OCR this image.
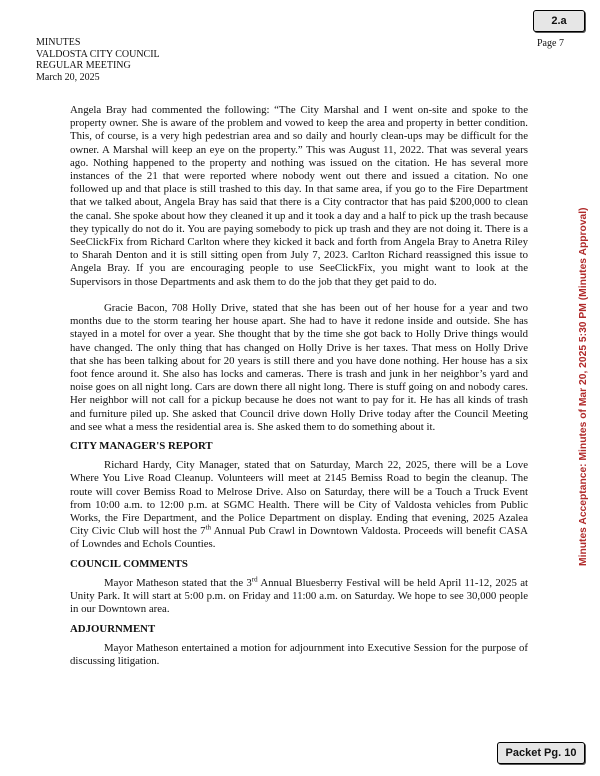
2.a
MINUTES
VALDOSTA CITY COUNCIL
REGULAR MEETING
March 20, 2025
Page 7

Angela Bray had commented the following: “The City Marshal and I went on-site and spoke to the property owner. She is aware of the problem and vowed to keep the area and property in better condition. This, of course, is a very high pedestrian area and so daily and hourly clean-ups may be difficult for the owner. A Marshal will keep an eye on the property.” This was August 11, 2022. That was several years ago. Nothing happened to the property and nothing was issued on the citation. He has several more instances of the 21 that were reported where nobody went out there and issued a citation. No one followed up and that place is still trashed to this day. In that same area, if you go to the Fire Department that we talked about, Angela Bray has said that there is a City contractor that has paid $200,000 to clean the canal. She spoke about how they cleaned it up and it took a day and a half to pick up the trash because they typically do not do it. You are paying somebody to pick up trash and they are not doing it. There is a SeeClickFix from Richard Carlton where they kicked it back and forth from Angela Bray to Anetra Riley to Sharah Denton and it is still sitting open from July 7, 2023. Carlton Richard reassigned this issue to Angela Bray. If you are encouraging people to use SeeClickFix, you might want to look at the Supervisors in those Departments and ask them to do the job that they get paid to do.

Gracie Bacon, 708 Holly Drive, stated that she has been out of her house for a year and two months due to the storm tearing her house apart. She had to have it redone inside and outside. She has stayed in a motel for over a year. She thought that by the time she got back to Holly Drive things would have changed. The only thing that has changed on Holly Drive is her taxes. That mess on Holly Drive that she has been talking about for 20 years is still there and you have done nothing. Her house has a six foot fence around it. She also has locks and cameras. There is trash and junk in her neighbor’s yard and noise goes on all night long. Cars are down there all night long. There is stuff going on and nobody cares. Her neighbor will not call for a pickup because he does not want to pay for it. He has all kinds of trash and furniture piled up. She asked that Council drive down Holly Drive today after the Council Meeting and see what a mess the residential area is. She asked them to do something about it.

CITY MANAGER'S REPORT

Richard Hardy, City Manager, stated that on Saturday, March 22, 2025, there will be a Love Where You Live Road Cleanup. Volunteers will meet at 2145 Bemiss Road to begin the cleanup. The route will cover Bemiss Road to Melrose Drive. Also on Saturday, there will be a Touch a Truck Event from 10:00 a.m. to 12:00 p.m. at SGMC Health. There will be City of Valdosta vehicles from Public Works, the Fire Department, and the Police Department on display. Ending that evening, 2025 Azalea City Civic Club will host the 7th Annual Pub Crawl in Downtown Valdosta. Proceeds will benefit CASA of Lowndes and Echols Counties.

COUNCIL COMMENTS

Mayor Matheson stated that the 3rd Annual Bluesberry Festival will be held April 11-12, 2025 at Unity Park. It will start at 5:00 p.m. on Friday and 11:00 a.m. on Saturday. We hope to see 30,000 people in our Downtown area.

ADJOURNMENT

Mayor Matheson entertained a motion for adjournment into Executive Session for the purpose of discussing litigation.

Minutes Acceptance: Minutes of Mar 20, 2025 5:30 PM (Minutes Approval)
Packet Pg. 10
